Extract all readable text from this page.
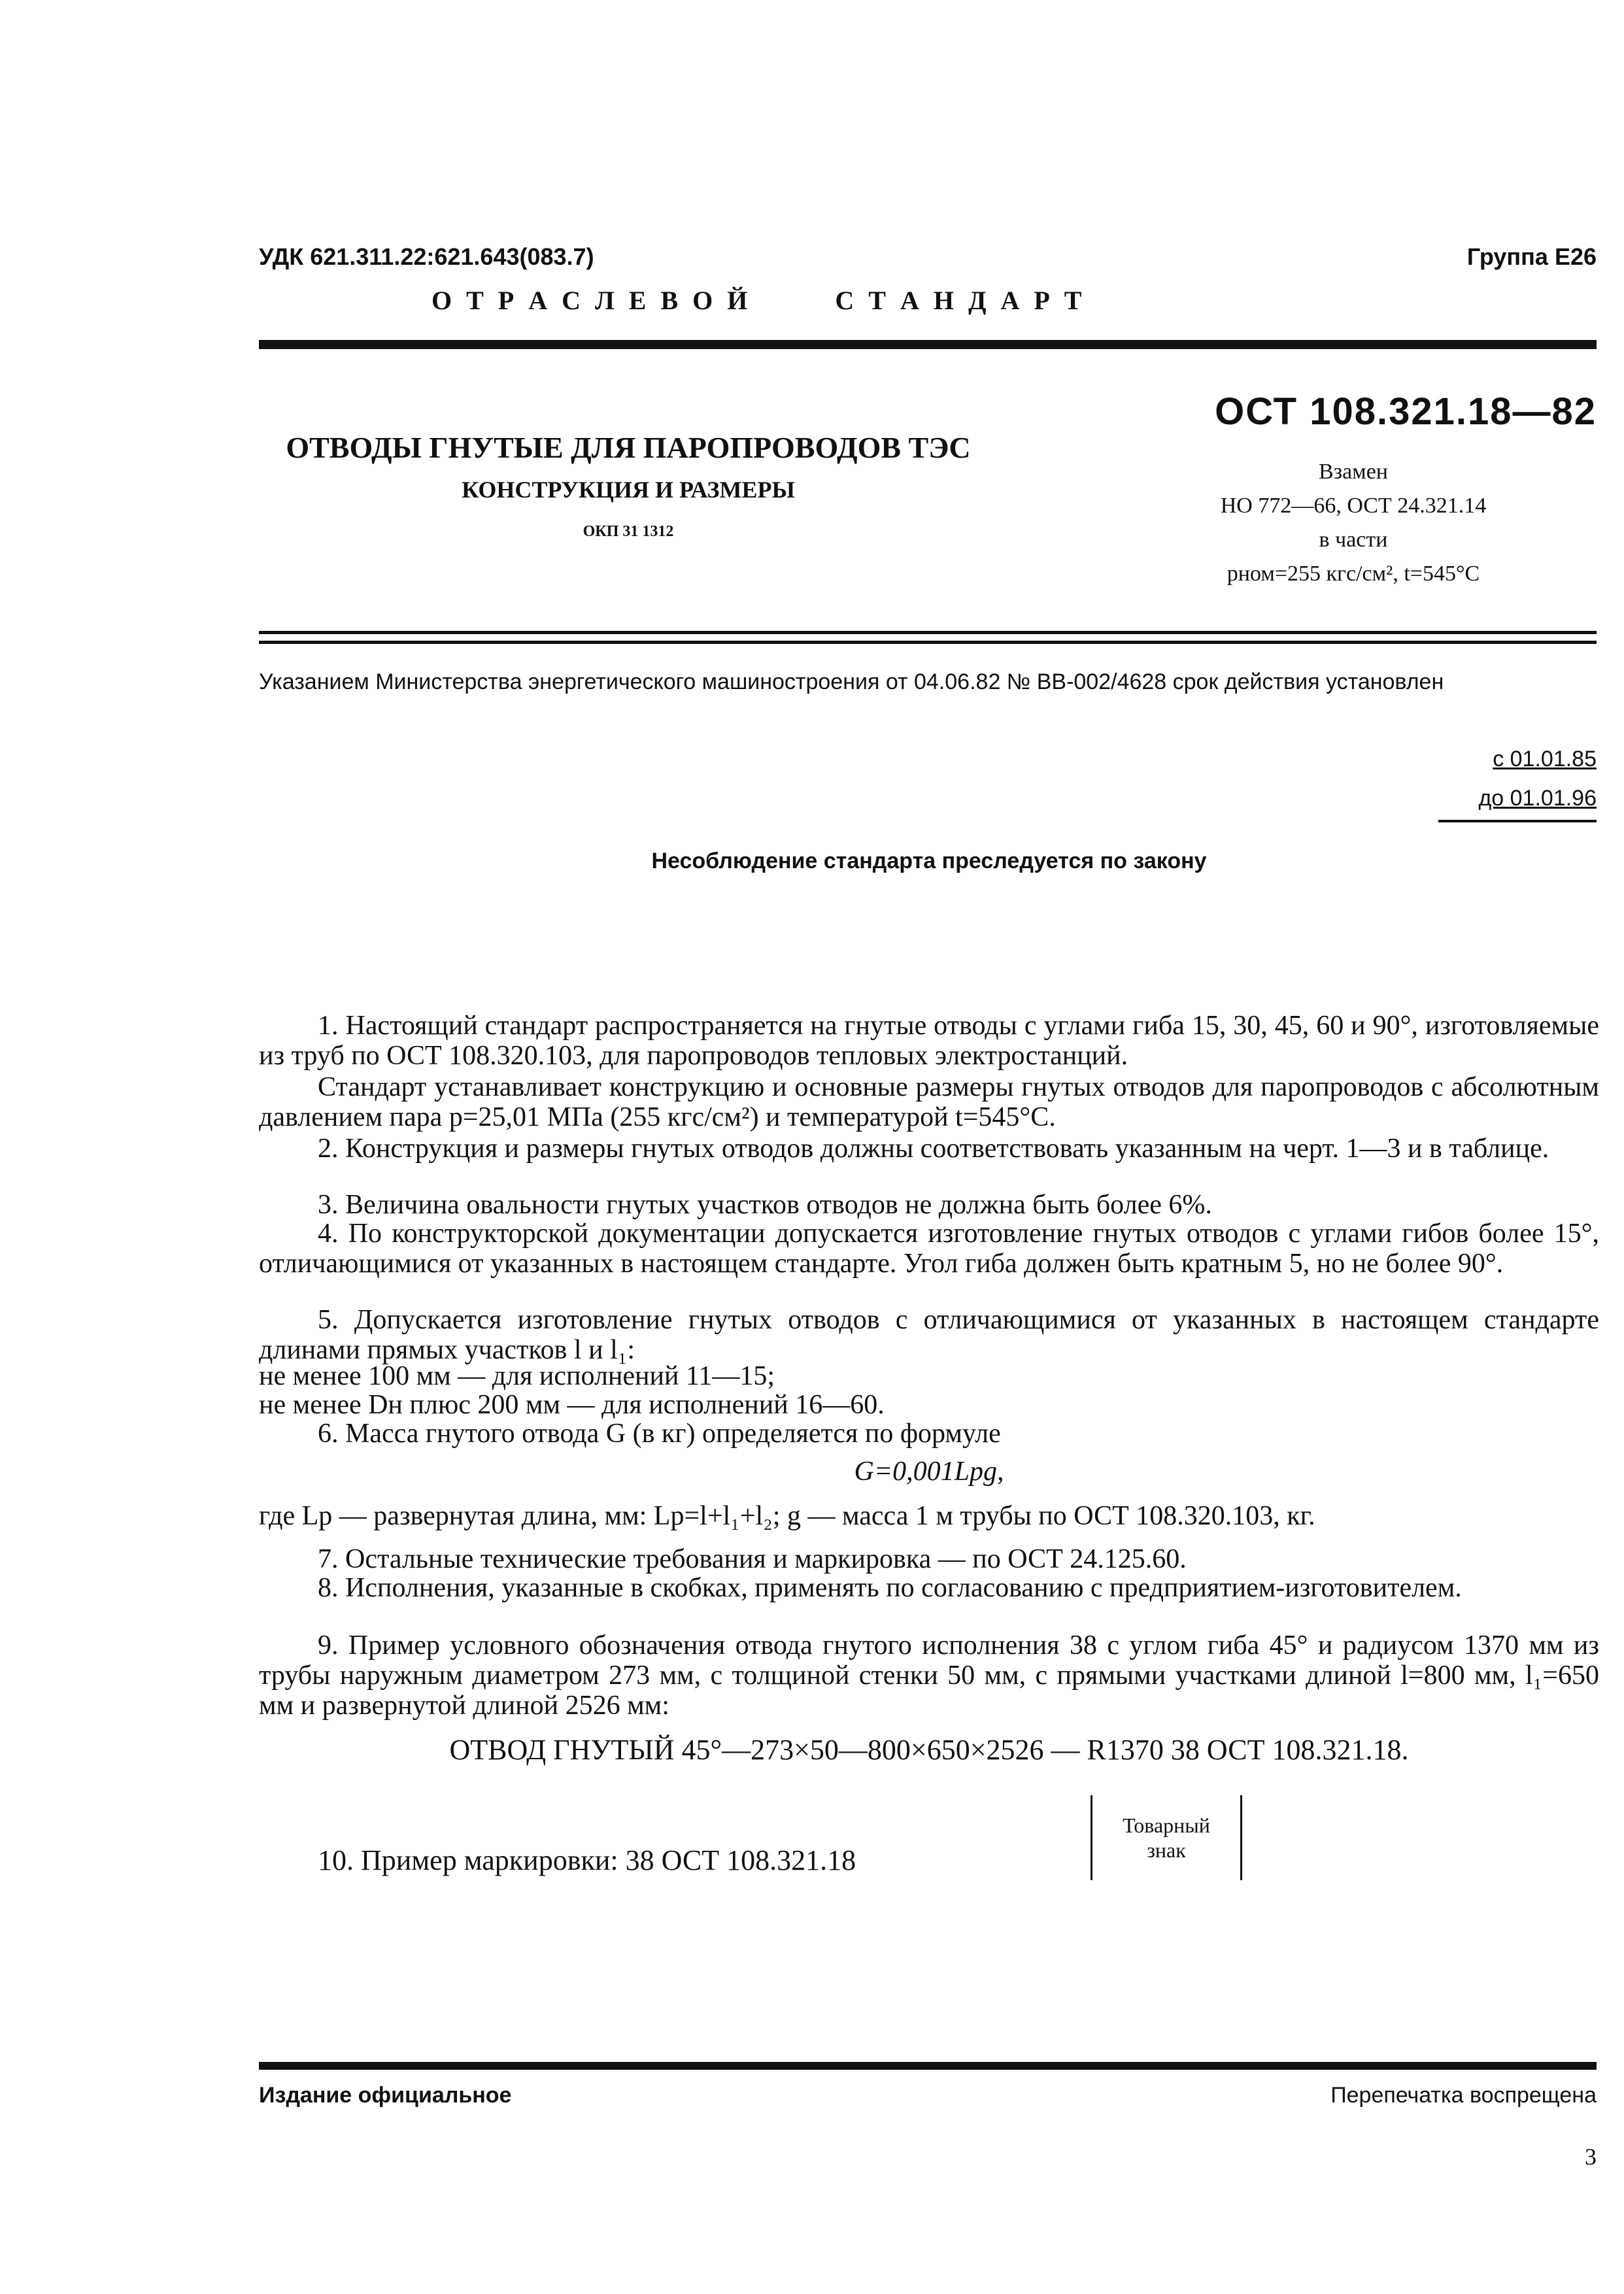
УДК 621.311.22:621.643(083.7)	Группа Е26
О Т Р А С Л Е В О Й        С Т А Н Д А Р Т
ОТВОДЫ ГНУТЫЕ ДЛЯ ПАРОПРОВОДОВ ТЭС
КОНСТРУКЦИЯ И РАЗМЕРЫ
ОКП 31 1312
ОСТ 108.321.18—82
Взамен
НО 772—66, ОСТ 24.321.14
в части
pном=255 кгс/см², t=545°С
Указанием Министерства энергетического машиностроения от 04.06.82 № ВВ-002/4628 срок действия установлен
с 01.01.85
до 01.01.96
Несоблюдение стандарта преследуется по закону
1. Настоящий стандарт распространяется на гнутые отводы с углами гиба 15, 30, 45, 60 и 90°, изготовляемые из труб по ОСТ 108.320.103, для паропроводов тепловых электростанций.
Стандарт устанавливает конструкцию и основные размеры гнутых отводов для паропроводов с абсолютным давлением пара p=25,01 МПа (255 кгс/см²) и температурой t=545°С.
2. Конструкция и размеры гнутых отводов должны соответствовать указанным на черт. 1—3 и в таблице.
3. Величина овальности гнутых участков отводов не должна быть более 6%.
4. По конструкторской документации допускается изготовление гнутых отводов с углами гибов более 15°, отличающимися от указанных в настоящем стандарте. Угол гиба должен быть кратным 5, но не более 90°.
5. Допускается изготовление гнутых отводов с отличающимися от указанных в настоящем стандарте длинами прямых участков l и l₁:
не менее 100 мм — для исполнений 11—15;
не менее Dн плюс 200 мм — для исполнений 16—60.
6. Масса гнутого отвода G (в кг) определяется по формуле
G=0,001Lpg,
где Lp — развернутая длина, мм: Lp=l+l₁+l₂; g — масса 1 м трубы по ОСТ 108.320.103, кг.
7. Остальные технические требования и маркировка — по ОСТ 24.125.60.
8. Исполнения, указанные в скобках, применять по согласованию с предприятием-изготовителем.
9. Пример условного обозначения отвода гнутого исполнения 38 с углом гиба 45° и радиусом 1370 мм из трубы наружным диаметром 273 мм, с толщиной стенки 50 мм, с прямыми участками длиной l=800 мм, l₁=650 мм и развернутой длиной 2526 мм:
ОТВОД ГНУТЫЙ 45°—273×50—800×650×2526 — R1370 38 ОСТ 108.321.18.
10. Пример маркировки: 38 ОСТ 108.321.18
Товарный знак
Издание официальное	Перепечатка воспрещена
3
